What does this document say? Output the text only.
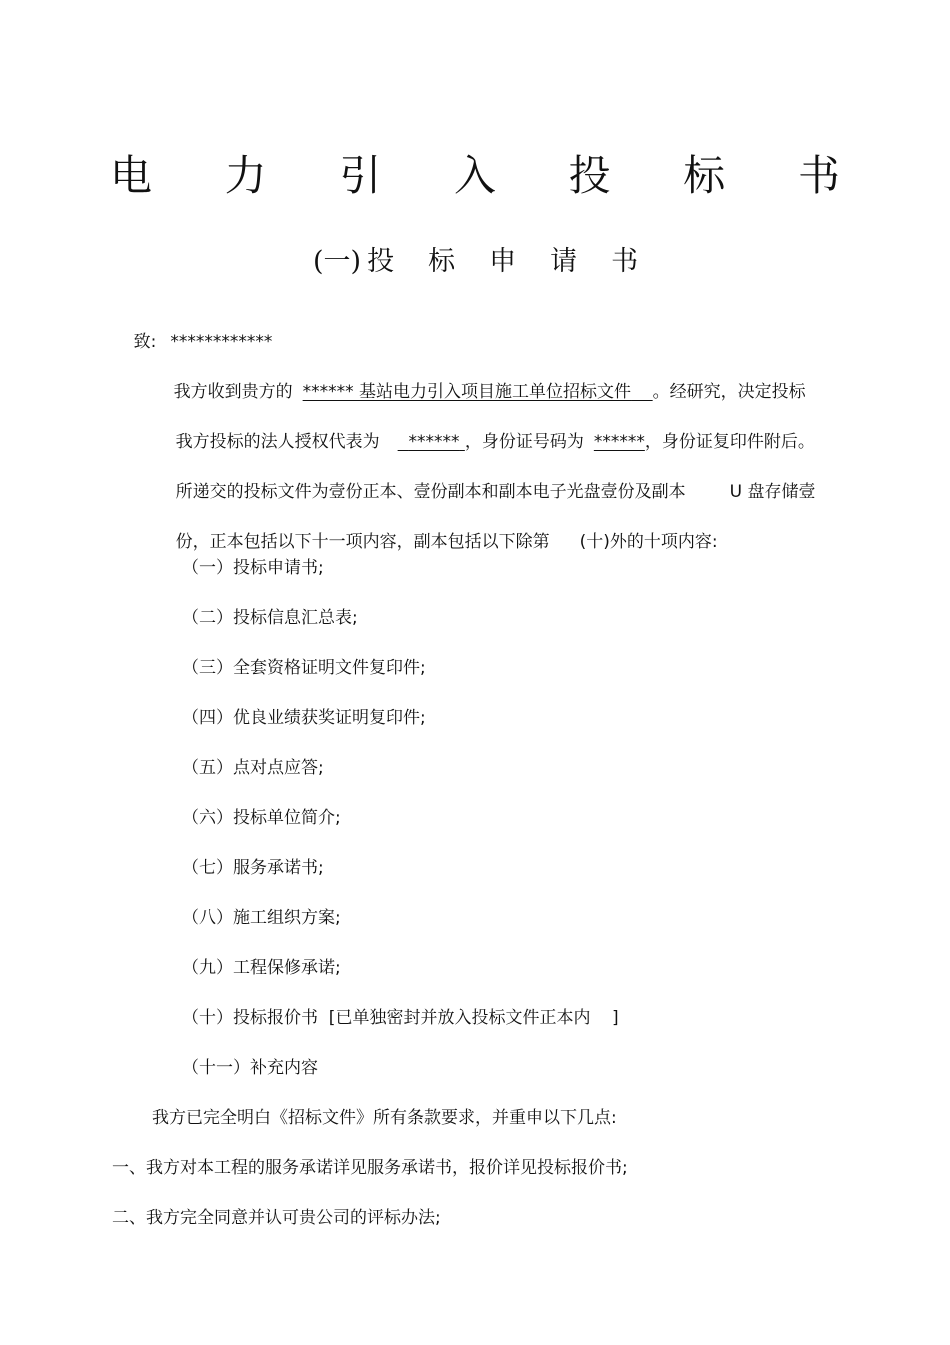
电 力 引 入 投 标 书
(一) 投	标	申	请	书

致: ************

我方收到贵方的 ****** 基站电力引入项目施工单位招标文件 。经研究，决定投标

我方投标的法人授权代表为 ****** ，身份证号码为 ******，身份证复印件附后。

所递交的投标文件为壹份正本、壹份副本和副本电子光盘壹份及副本	U 盘存储壹

份，正本包括以下十一项内容，副本包括以下除第 (十)外的十项内容:

（一）投标申请书;
（二）投标信息汇总表;
（三）全套资格证明文件复印件;
（四）优良业绩获奖证明复印件;
（五）点对点应答;
（六）投标单位简介;
（七）服务承诺书;
（八）施工组织方案;
（九）工程保修承诺;
（十）投标报价书  [已单独密封并放入投标文件正本内    ]
（十一）补充内容
我方已完全明白《招标文件》所有条款要求，并重申以下几点:
一、我方对本工程的服务承诺详见服务承诺书，报价详见投标报价书;
二、我方完全同意并认可贵公司的评标办法;
